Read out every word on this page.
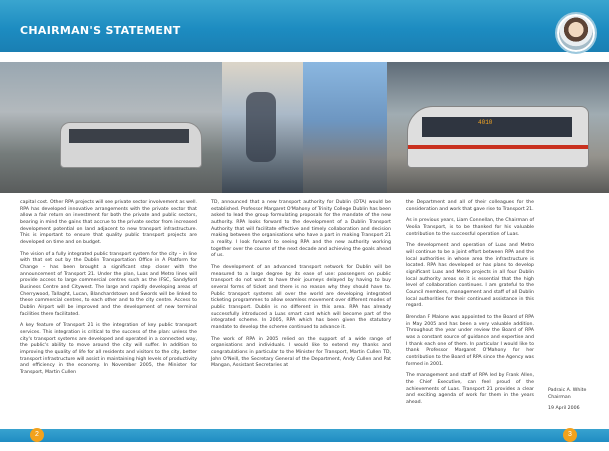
CHAIRMAN'S STATEMENT
4010

capital cost. Other RPA projects will see private sector involvement as well. RPA has developed innovative arrangements with the private sector that allow a fair return on investment for both the private and public sectors, bearing in mind the gains that accrue to the private sector from increased development potential on land adjacent to new transport infrastructure. This is important to ensure that quality public transport projects are developed on time and on budget.

The vision of a fully integrated public transport system for the city – in line with that set out by the Dublin Transportation Office in A Platform for Change – has been brought a significant step closer with the announcement of Transport 21. Under the plan, Luas and Metro lines will provide access to large commercial centres such as the IFSC, Sandyford Business Centre and Citywest. The large and rapidly developing areas of Cherrywood, Tallaght, Lucan, Blanchardstown and Swords will be linked to these commercial centres, to each other and to the city centre. Access to Dublin Airport will be improved and the development of new terminal facilities there facilitated.

A key feature of Transport 21 is the integration of key public transport services. This integration is critical to the success of the plan: unless the city's transport systems are developed and operated in a connected way, the public's ability to move around the city will suffer. In addition to improving the quality of life for all residents and visitors to the city, better transport infrastructure will assist in maintaining high levels of productivity and efficiency in the economy. In November 2005, the Minister for Transport, Martin Cullen

TD, announced that a new transport authority for Dublin (DTA) would be established. Professor Margaret O'Mahony of Trinity College Dublin has been asked to lead the group formulating proposals for the mandate of the new authority. RPA looks forward to the development of a Dublin Transport Authority that will facilitate effective and timely collaboration and decision making between the organisations who have a part in making Transport 21 a reality. I look forward to seeing RPA and the new authority working together over the course of the next decade and achieving the goals ahead of us.

The development of an advanced transport network for Dublin will be measured to a large degree by its ease of use: passengers on public transport do not want to have their journeys delayed by having to buy several forms of ticket and there is no reason why they should have to. Public transport systems all over the world are developing integrated ticketing programmes to allow seamless movement over different modes of public transport. Dublin is no different in this area. RPA has already successfully introduced a Luas smart card which will become part of the integrated scheme. In 2005, RPA which has been given the statutory mandate to develop the scheme continued to advance it.

The work of RPA in 2005 relied on the support of a wide range of organisations and individuals. I would like to extend my thanks and congratulations in particular to the Minister for Transport, Martin Cullen TD, John O'Neill, the Secretary General of the Department, Andy Cullen and Pat Mangan, Assistant Secretaries at

the Department and all of their colleagues for the consideration and work that gave rise to Transport 21.

As in previous years, Liam Connellan, the Chairman of Veolia Transport, is to be thanked for his valuable contribution to the successful operation of Luas.

The development and operation of Luas and Metro will continue to be a joint effort between RPA and the local authorities in whose area the infrastructure is located. RPA has developed or has plans to develop significant Luas and Metro projects in all four Dublin local authority areas so it is essential that the high level of collaboration continues. I am grateful to the Council members, management and staff of all Dublin local authorities for their continued assistance in this regard.

Brendan F Malone was appointed to the Board of RPA in May 2005 and has been a very valuable addition. Throughout the year under review the Board of RPA was a constant source of guidance and expertise and I thank each one of them. In particular I would like to thank Professor Margaret O'Mahony for her contribution to the Board of RPA since the Agency was formed in 2001.

The management and staff of RPA led by Frank Allen, the Chief Executive, can feel proud of the achievements of Luas. Transport 21 provides a clear and exciting agenda of work for them in the years ahead.

Padraic A. White
Chairman
19 April 2006
2	3
